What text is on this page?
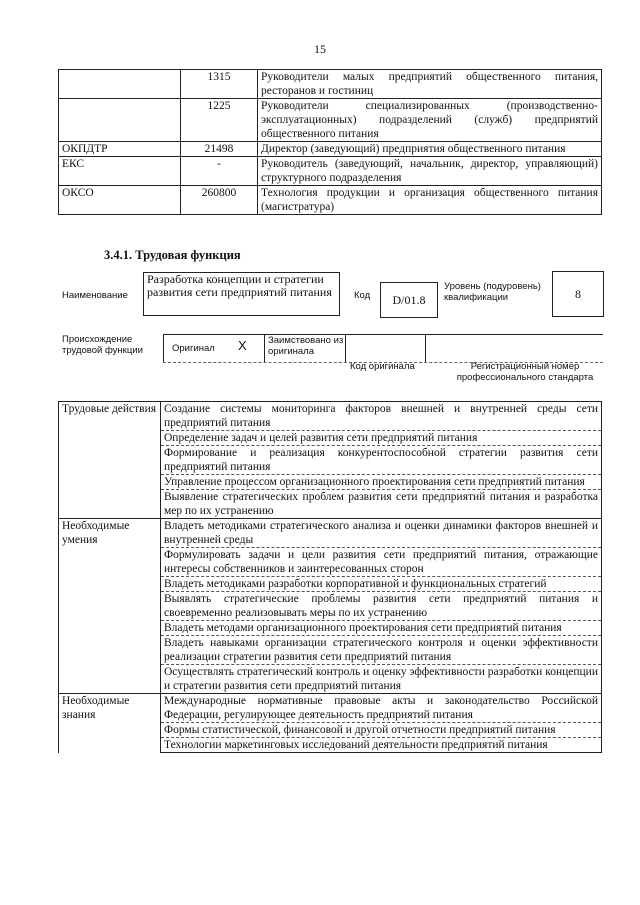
15
	1315	Руководители малых предприятий общественного питания, ресторанов и гостиниц
	1225	Руководители специализированных (производственно-эксплуатационных) подразделений (служб) предприятий общественного питания
ОКПДТР	21498	Директор (заведующий) предприятия общественного питания
ЕКС	-	Руководитель (заведующий, начальник, директор, управляющий) структурного подразделения
ОКСО	260800	Технология продукции и организация общественного питания (магистратура)
3.4.1. Трудовая функция
Наименование
Разработка концепции и стратегии развития сети предприятий питания	Код	D/01.8
Уровень (подуровень) квалификации	8
Происхождение трудовой функции	Оригинал X Заимствовано из оригинала
Код оригинала	Регистрационный номер профессионального стандарта
Трудовые действия	Создание системы мониторинга факторов внешней и внутренней среды сети предприятий питания
	Определение задач и целей развития сети предприятий питания
	Формирование и реализация конкурентоспособной стратегии развития сети предприятий питания
	Управление процессом организационного проектирования сети предприятий питания
	Выявление стратегических проблем развития сети предприятий питания и разработка мер по их устранению
Необходимые умения	Владеть методиками стратегического анализа и оценки динамики факторов внешней и внутренней среды
	Формулировать задачи и цели развития сети предприятий питания, отражающие интересы собственников и заинтересованных сторон
	Владеть методиками разработки корпоративной и функциональных стратегий
	Выявлять стратегические проблемы развития сети предприятий питания и своевременно реализовывать меры по их устранению
	Владеть методами организационного проектирования сети предприятий питания
	Владеть навыками организации стратегического контроля и оценки эффективности реализации стратегии развития сети предприятий питания
	Осуществлять стратегический контроль и оценку эффективности разработки концепции и стратегии развития сети предприятий питания
Необходимые знания	Международные нормативные правовые акты и законодательство Российской Федерации, регулирующее деятельность предприятий питания
	Формы статистической, финансовой и другой отчетности предприятий питания
	Технологии маркетинговых исследований деятельности предприятий питания
